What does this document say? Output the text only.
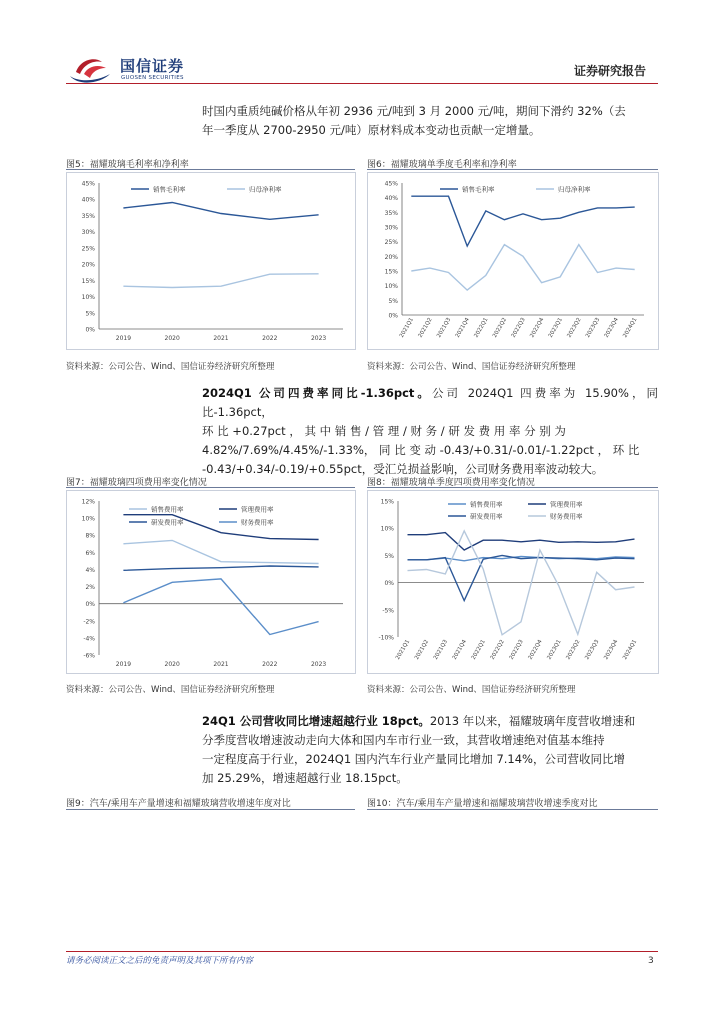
国信证券
GUOSEN SECURITIES	证券研究报告
时国内重质纯碱价格从年初 2936 元/吨到 3 月 2000 元/吨，期间下滑约 32%（去
年一季度从 2700-2950 元/吨）原材料成本变动也贡献一定增量。
图5：福耀玻璃毛利率和净利率
0%
5%
10%
15%
20%
25%
30%
35%
40%
45%
2019	2020	2021	2022	2023
销售毛利率	归母净利率
资料来源：公司公告、Wind、国信证券经济研究所整理
图6：福耀玻璃单季度毛利率和净利率
0%
5%
10%
15%
20%
25%
30%
35%
40%
45%
2021Q1 2021Q2 2021Q3 2021Q4 2022Q1 2022Q2 2022Q3 2022Q4 2023Q1 2023Q2 2023Q3 2023Q4 2024Q1
销售毛利率	归母净利率
资料来源：公司公告、Wind、国信证券经济研究所整理
2024Q1 公司四费率同比-1.36pct。公司 2024Q1 四费率为 15.90%，同比-1.36pct，
环 比 +0.27pct ， 其 中 销 售 / 管 理 / 财 务 / 研 发 费 用 率 分 别 为
4.82%/7.69%/4.45%/-1.33%， 同 比 变 动 -0.43/+0.31/-0.01/-1.22pct ， 环 比
-0.43/+0.34/-0.19/+0.55pct，受汇兑损益影响，公司财务费用率波动较大。
图7：福耀玻璃四项费用率变化情况
-6%
-4%
-2%
0%
2%
4%
6%
8%
10%
12%
2019	2020	2021	2022	2023
销售费用率	管理费用率
研发费用率	财务费用率
资料来源：公司公告、Wind、国信证券经济研究所整理
图8：福耀玻璃单季度四项费用率变化情况
-10%
-5%
0%
5%
10%
15%
2021Q1 2021Q2 2021Q3 2021Q4 2022Q1 2022Q2 2022Q3 2022Q4 2023Q1 2023Q2 2023Q3 2023Q4 2024Q1
销售费用率	管理费用率
研发费用率	财务费用率
资料来源：公司公告、Wind、国信证券经济研究所整理
24Q1 公司营收同比增速超越行业 18pct。2013 年以来，福耀玻璃年度营收增速和
分季度营收增速波动走向大体和国内车市行业一致，其营收增速绝对值基本维持
一定程度高于行业，2024Q1 国内汽车行业产量同比增加 7.14%，公司营收同比增
加 25.29%，增速超越行业 18.15pct。
图9：汽车/乘用车产量增速和福耀玻璃营收增速年度对比	图10：汽车/乘用车产量增速和福耀玻璃营收增速季度对比
请务必阅读正文之后的免责声明及其项下所有内容	3
